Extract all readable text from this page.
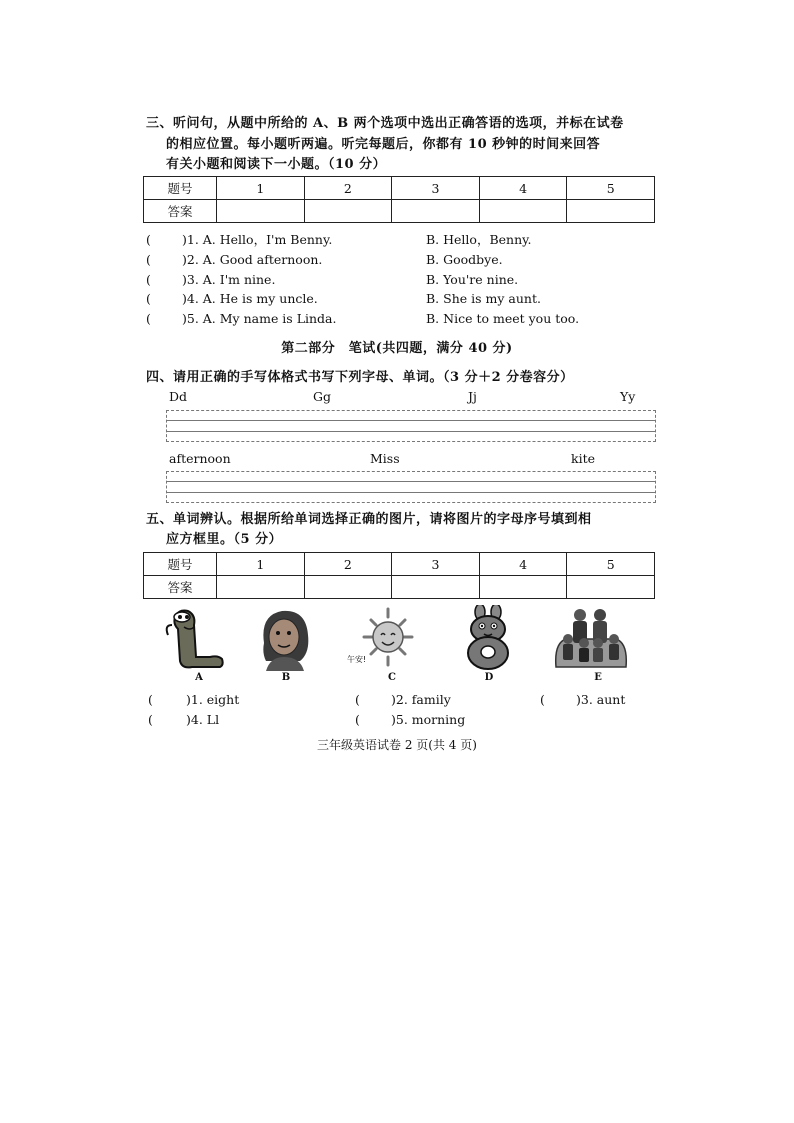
三、听问句，从题中所给的 A、B 两个选项中选出正确答语的选项，并标在试卷
的相应位置。每小题听两遍。听完每题后，你都有 10 秒钟的时间来回答
有关小题和阅读下一小题。（10 分）
题号	1	2	3	4	5
答案					
( )1. A. Hello，I'm Benny.	B. Hello，Benny.
( )2. A. Good afternoon.	B. Goodbye.
( )3. A. I'm nine.	B. You're nine.
( )4. A. He is my uncle.	B. She is my aunt.
( )5. A. My name is Linda.	B. Nice to meet you too.
第二部分　笔试(共四题，满分 40 分)
四、请用正确的手写体格式书写下列字母、单词。（3 分＋2 分卷容分）
Dd	Gg	Jj	Yy
afternoon	Miss	kite
五、单词辨认。根据所给单词选择正确的图片，请将图片的字母序号填到相
应方框里。（5 分）
题号	1	2	3	4	5
答案					
A	B
午安!
C	D	E
(	)1. eight	( )2. family	( )3. aunt
(	)4. Ll	( )5. morning
三年级英语试卷 2 页(共 4 页)
